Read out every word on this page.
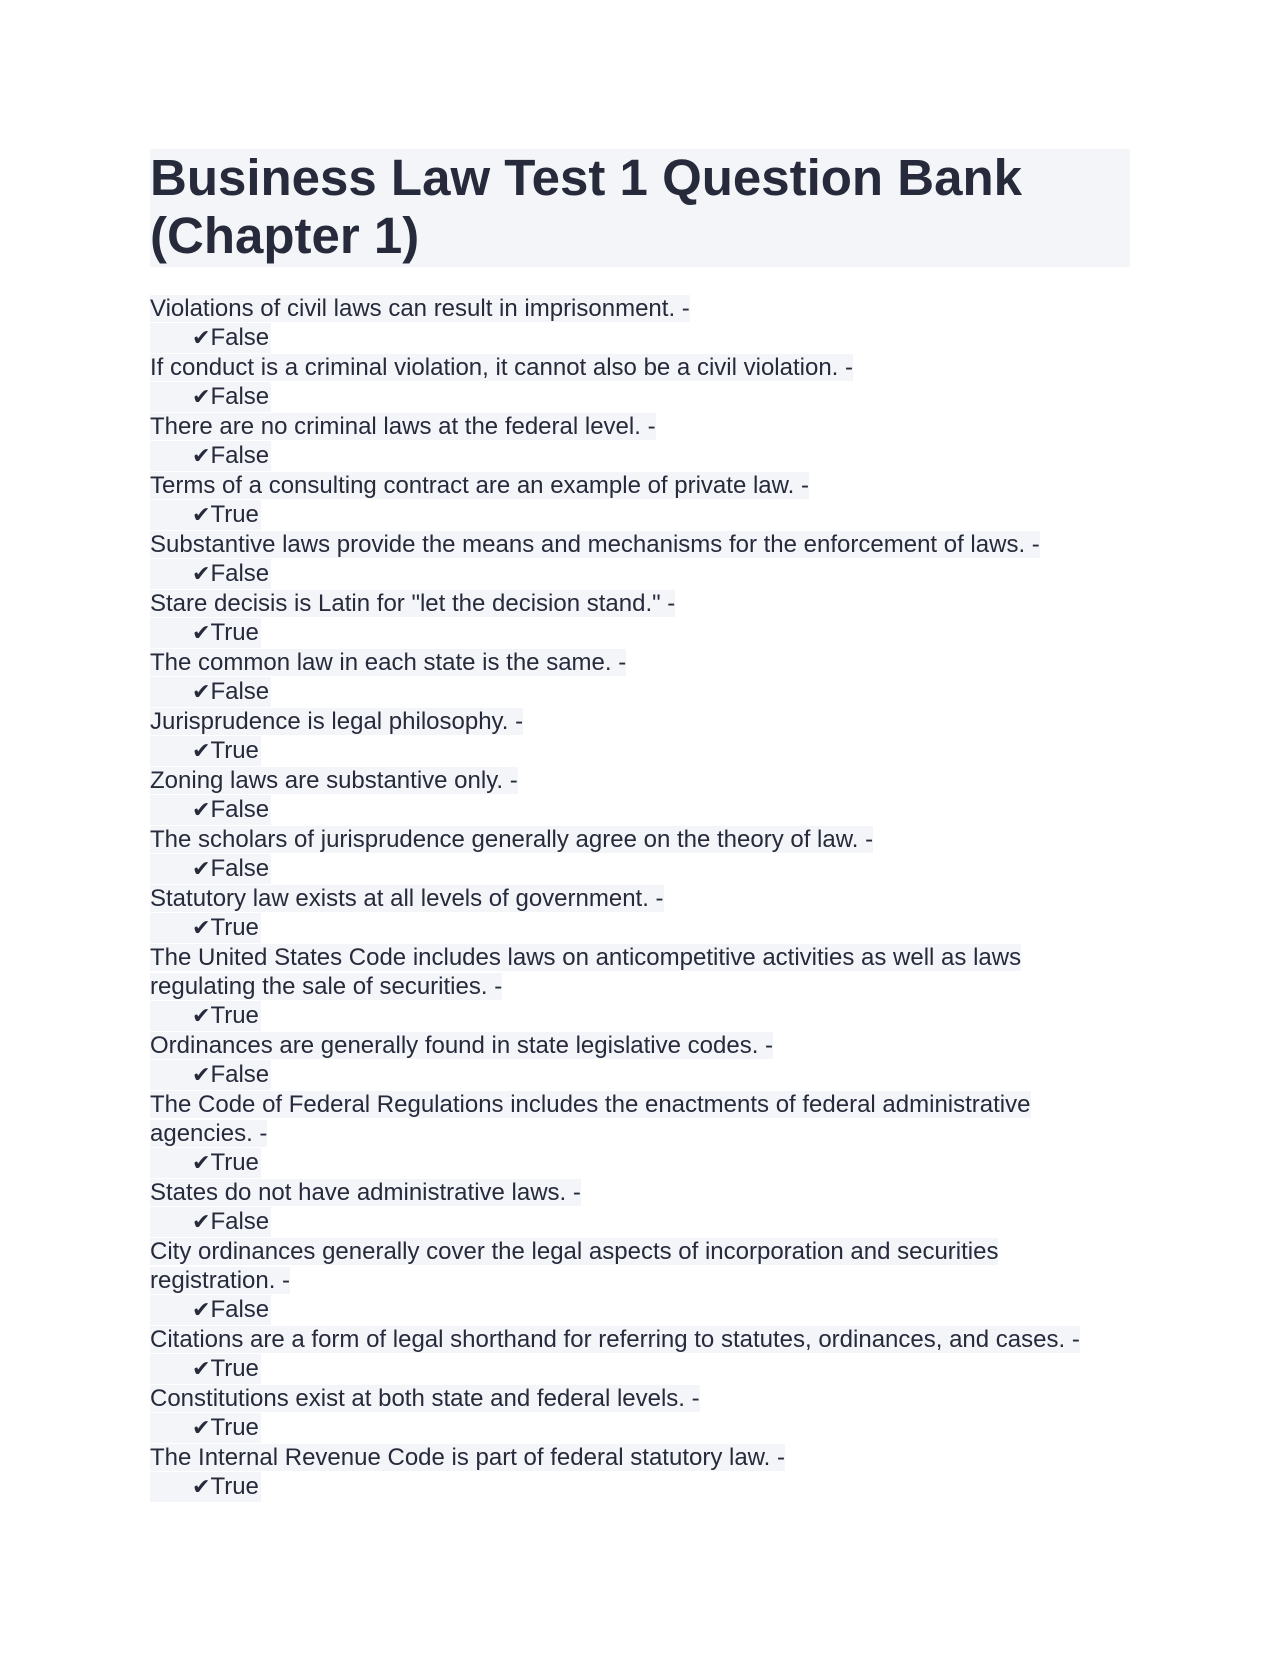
Business Law Test 1 Question Bank (Chapter 1)
Violations of civil laws can result in imprisonment. -
✔False
If conduct is a criminal violation, it cannot also be a civil violation. -
✔False
There are no criminal laws at the federal level. -
✔False
Terms of a consulting contract are an example of private law. -
✔True
Substantive laws provide the means and mechanisms for the enforcement of laws. -
✔False
Stare decisis is Latin for "let the decision stand." -
✔True
The common law in each state is the same. -
✔False
Jurisprudence is legal philosophy. -
✔True
Zoning laws are substantive only. -
✔False
The scholars of jurisprudence generally agree on the theory of law. -
✔False
Statutory law exists at all levels of government. -
✔True
The United States Code includes laws on anticompetitive activities as well as laws regulating the sale of securities. -
✔True
Ordinances are generally found in state legislative codes. -
✔False
The Code of Federal Regulations includes the enactments of federal administrative agencies. -
✔True
States do not have administrative laws. -
✔False
City ordinances generally cover the legal aspects of incorporation and securities registration. -
✔False
Citations are a form of legal shorthand for referring to statutes, ordinances, and cases. -
✔True
Constitutions exist at both state and federal levels. -
✔True
The Internal Revenue Code is part of federal statutory law. -
✔True
